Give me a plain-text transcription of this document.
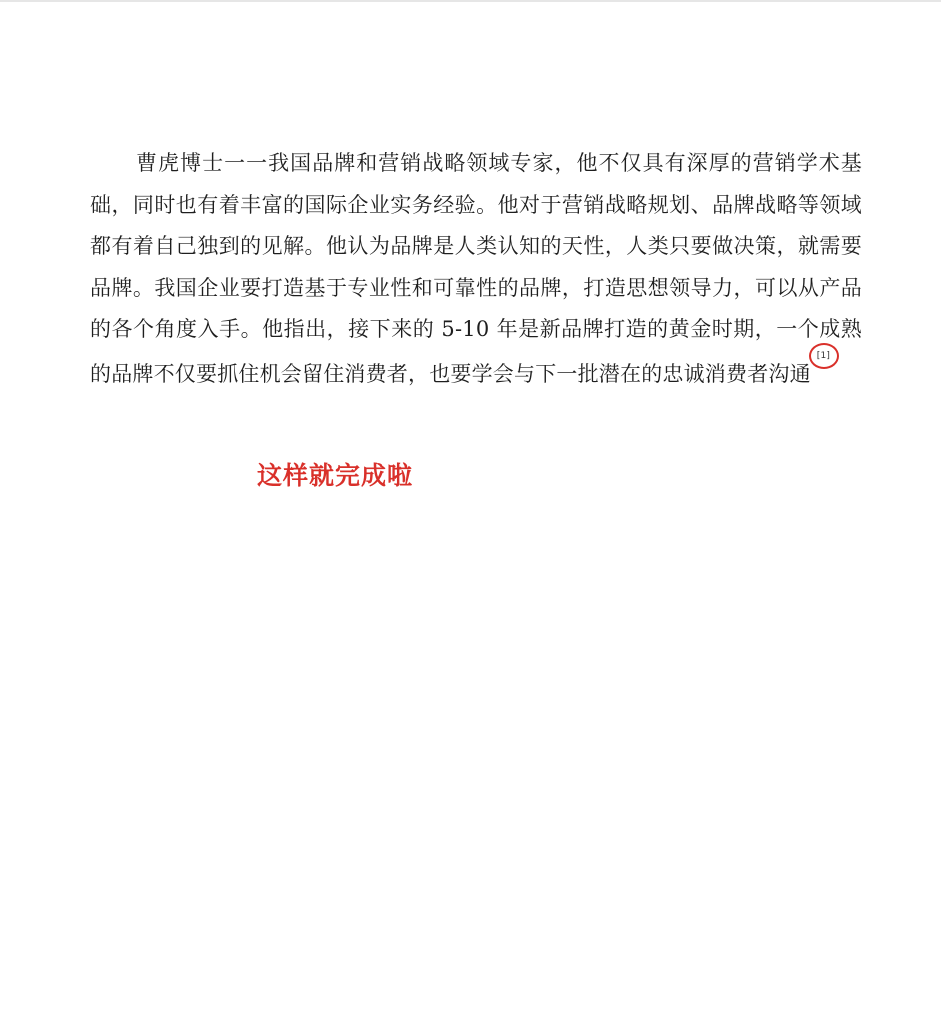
曹虎博士一一我国品牌和营销战略领域专家，他不仅具有深厚的营销学术基础，同时也有着丰富的国际企业实务经验。他对于营销战略规划、品牌战略等领域都有着自己独到的见解。他认为品牌是人类认知的天性，人类只要做决策，就需要品牌。我国企业要打造基于专业性和可靠性的品牌，打造思想领导力，可以从产品的各个角度入手。他指出，接下来的 5-10 年是新品牌打造的黄金时期，一个成熟的品牌不仅要抓住机会留住消费者，也要学会与下一批潜在的忠诚消费者沟通
[1]

这样就完成啦
